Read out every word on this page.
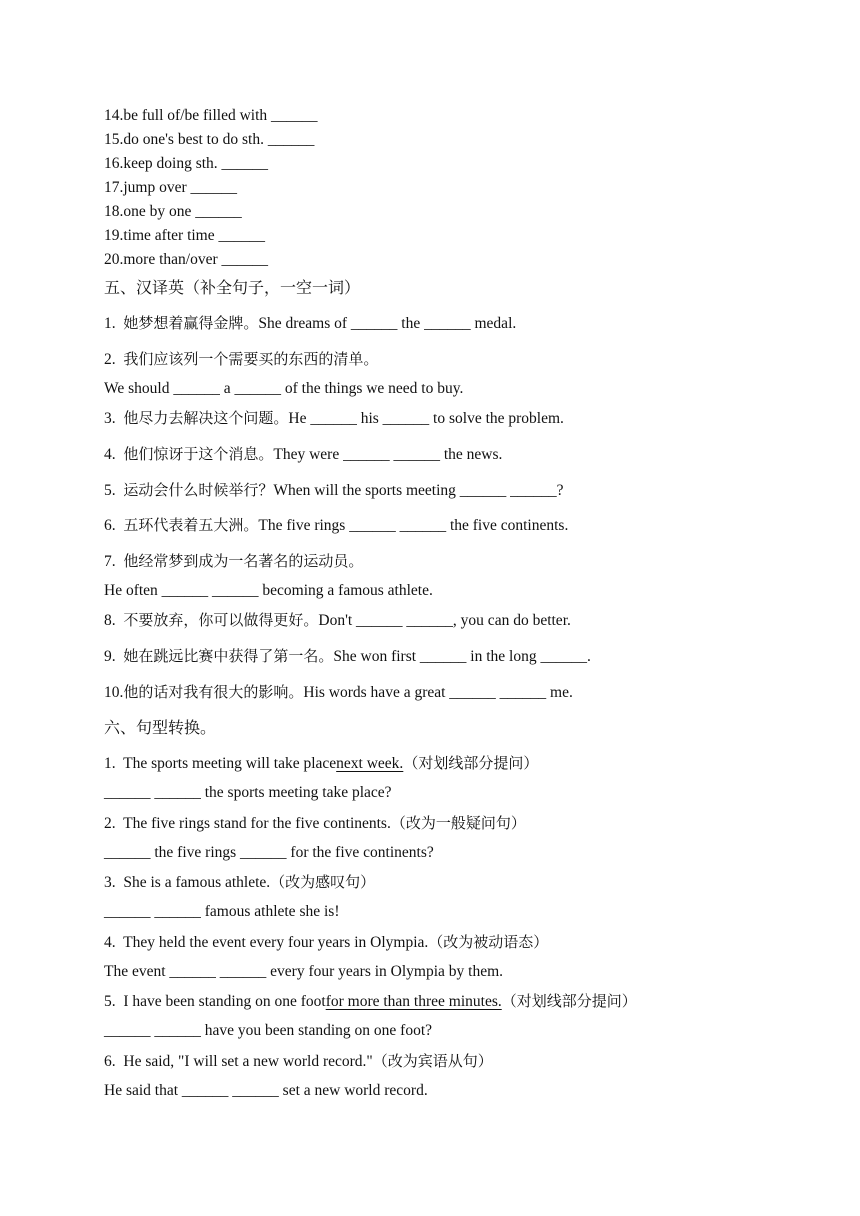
14.be full of/be filled with ______
15.do one's best to do sth. ______
16.keep doing sth. ______
17.jump over ______
18.one by one ______
19.time after time ______
20.more than/over ______
五、汉译英（补全句子，一空一词）
1. 她梦想着赢得金牌。She dreams of ______ the ______ medal.
2. 我们应该列一个需要买的东西的清单。
We should ______ a ______ of the things we need to buy.
3. 他尽力去解决这个问题。He ______ his ______ to solve the problem.
4. 他们惊讶于这个消息。They were ______ ______ the news.
5. 运动会什么时候举行？When will the sports meeting ______ ______?
6. 五环代表着五大洲。The five rings ______ ______ the five continents.
7. 他经常梦到成为一名著名的运动员。
He often ______ ______ becoming a famous athlete.
8. 不要放弃，你可以做得更好。Don't ______ ______, you can do better.
9. 她在跳远比赛中获得了第一名。She won first ______ in the long ______.
10.他的话对我有很大的影响。His words have a great ______ ______ me.
六、句型转换。
1. The sports meeting will take placenext week.（对划线部分提问）
______ ______ the sports meeting take place?
2. The five rings stand for the five continents.（改为一般疑问句）
______ the five rings ______ for the five continents?
3. She is a famous athlete.（改为感叹句）
______ ______ famous athlete she is!
4. They held the event every four years in Olympia.（改为被动语态）
The event ______ ______ every four years in Olympia by them.
5. I have been standing on one footfor more than three minutes.（对划线部分提问）
______ ______ have you been standing on one foot?
6. He said, "I will set a new world record."（改为宾语从句）
He said that ______ ______ set a new world record.
